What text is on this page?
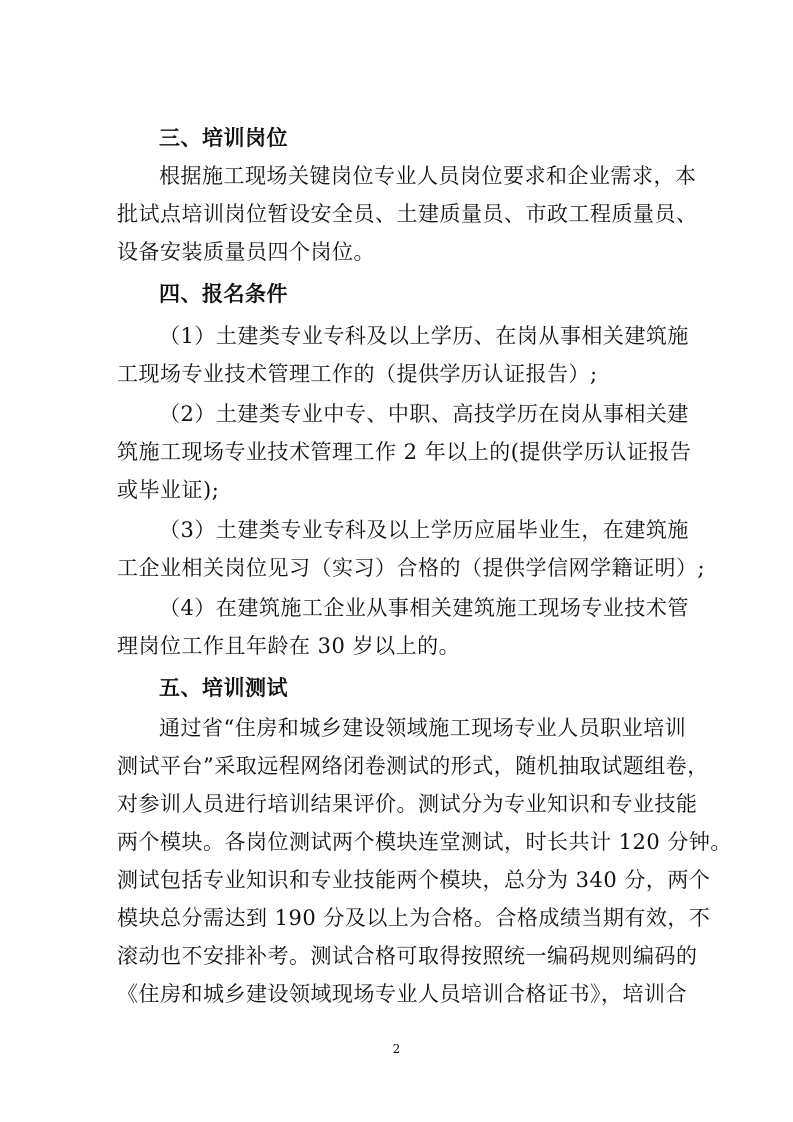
三、培训岗位
根据施工现场关键岗位专业人员岗位要求和企业需求，本
批试点培训岗位暂设安全员、土建质量员、市政工程质量员、
设备安装质量员四个岗位。
四、报名条件
（1）土建类专业专科及以上学历、在岗从事相关建筑施
工现场专业技术管理工作的（提供学历认证报告）;
（2）土建类专业中专、中职、高技学历在岗从事相关建
筑施工现场专业技术管理工作 2 年以上的(提供学历认证报告
或毕业证);
（3）土建类专业专科及以上学历应届毕业生，在建筑施
工企业相关岗位见习（实习）合格的（提供学信网学籍证明）;
（4）在建筑施工企业从事相关建筑施工现场专业技术管
理岗位工作且年龄在 30 岁以上的。
五、培训测试
通过省“住房和城乡建设领域施工现场专业人员职业培训
测试平台”采取远程网络闭卷测试的形式，随机抽取试题组卷，
对参训人员进行培训结果评价。测试分为专业知识和专业技能
两个模块。各岗位测试两个模块连堂测试，时长共计 120 分钟。
测试包括专业知识和专业技能两个模块，总分为 340 分，两个
模块总分需达到 190 分及以上为合格。合格成绩当期有效，不
滚动也不安排补考。测试合格可取得按照统一编码规则编码的
《住房和城乡建设领域现场专业人员培训合格证书》，培训合
2
